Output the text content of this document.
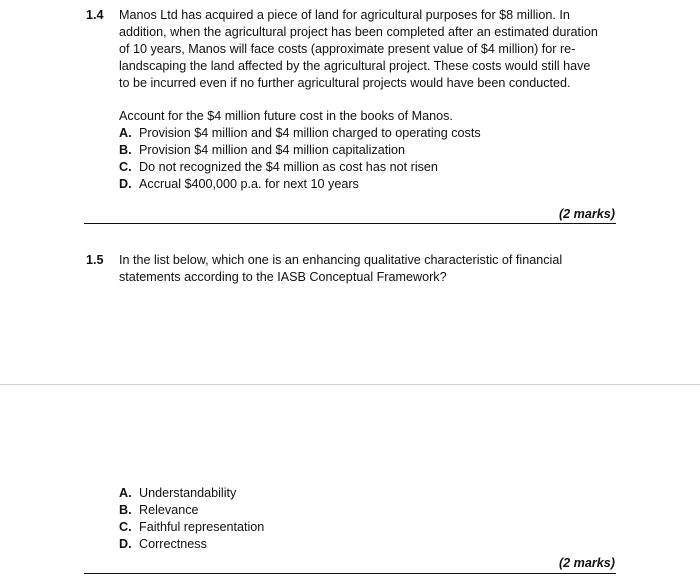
1.4 Manos Ltd has acquired a piece of land for agricultural purposes for $8 million. In
addition, when the agricultural project has been completed after an estimated duration
of 10 years, Manos will face costs (approximate present value of $4 million) for re-
landscaping the land affected by the agricultural project. These costs would still have
to be incurred even if no further agricultural projects would have been conducted.
Account for the $4 million future cost in the books of Manos.
A. Provision $4 million and $4 million charged to operating costs
B. Provision $4 million and $4 million capitalization
C. Do not recognized the $4 million as cost has not risen
D. Accrual $400,000 p.a. for next 10 years
(2 marks)
1.5 In the list below, which one is an enhancing qualitative characteristic of financial
statements according to the IASB Conceptual Framework?
A. Understandability
B. Relevance
C. Faithful representation
D. Correctness
(2 marks)
